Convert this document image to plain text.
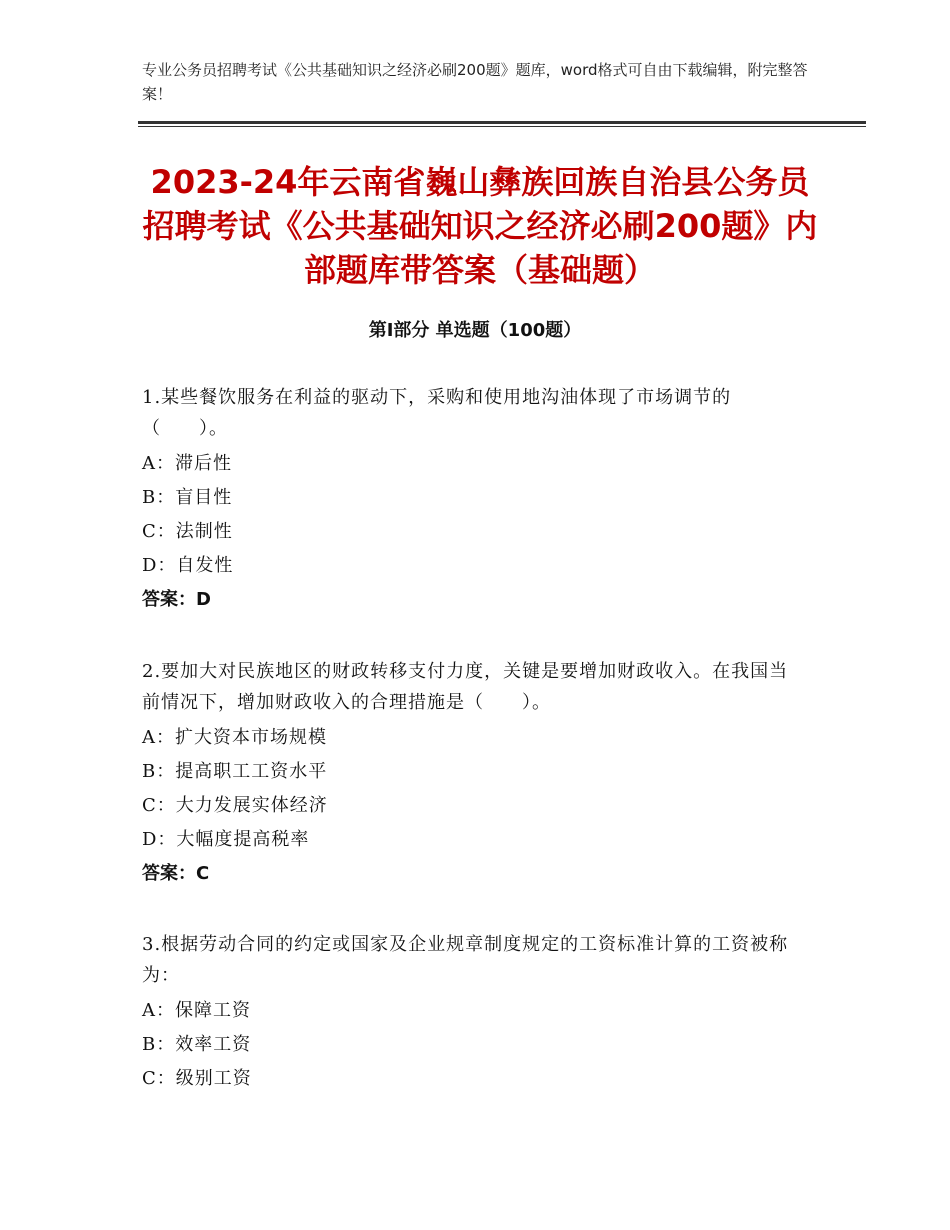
专业公务员招聘考试《公共基础知识之经济必刷200题》题库，word格式可自由下载编辑，附完整答案！
2023-24年云南省巍山彝族回族自治县公务员招聘考试《公共基础知识之经济必刷200题》内部题库带答案（基础题）
第Ⅰ部分 单选题（100题）

1.某些餐饮服务在利益的驱动下，采购和使用地沟油体现了市场调节的（　　）。

A：滞后性
B：盲目性
C：法制性
D：自发性
答案：D

2.要加大对民族地区的财政转移支付力度，关键是要增加财政收入。在我国当前情况下，增加财政收入的合理措施是（　　）。

A：扩大资本市场规模
B：提高职工工资水平
C：大力发展实体经济
D：大幅度提高税率
答案：C

3.根据劳动合同的约定或国家及企业规章制度规定的工资标准计算的工资被称为：

A：保障工资
B：效率工资
C：级别工资
